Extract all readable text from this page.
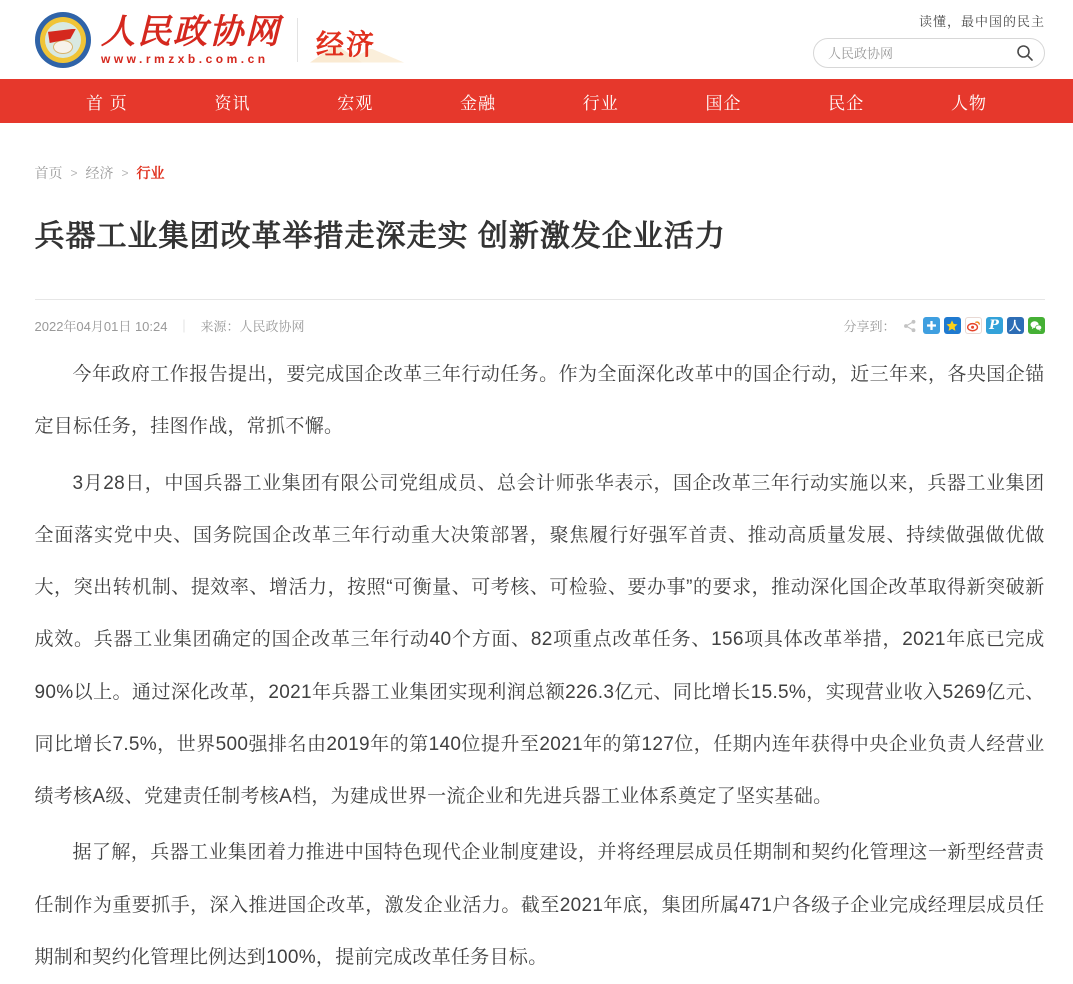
人民政协网
www.rmzxb.com.cn	经济
读懂，最中国的民主
人民政协网
首 页	资讯	宏观	金融	行业	国企	民企	人物
首页 > 经济 > 行业
兵器工业集团改革举措走深走实 创新激发企业活力
2022年04月01日 10:24 ｜ 来源：人民政协网	分享到：	P 人

今年政府工作报告提出，要完成国企改革三年行动任务。作为全面深化改革中的国企行动，近三年来，各央国企锚定目标任务，挂图作战，常抓不懈。

3月28日，中国兵器工业集团有限公司党组成员、总会计师张华表示，国企改革三年行动实施以来，兵器工业集团全面落实党中央、国务院国企改革三年行动重大决策部署，聚焦履行好强军首责、推动高质量发展、持续做强做优做大，突出转机制、提效率、增活力，按照“可衡量、可考核、可检验、要办事”的要求，推动深化国企改革取得新突破新成效。兵器工业集团确定的国企改革三年行动40个方面、82项重点改革任务、156项具体改革举措，2021年底已完成90%以上。通过深化改革，2021年兵器工业集团实现利润总额226.3亿元、同比增长15.5%，实现营业收入5269亿元、同比增长7.5%，世界500强排名由2019年的第140位提升至2021年的第127位，任期内连年获得中央企业负责人经营业绩考核A级、党建责任制考核A档，为建成世界一流企业和先进兵器工业体系奠定了坚实基础。

据了解，兵器工业集团着力推进中国特色现代企业制度建设，并将经理层成员任期制和契约化管理这一新型经营责任制作为重要抓手，深入推进国企改革，激发企业活力。截至2021年底，集团所属471户各级子企业完成经理层成员任期制和契约化管理比例达到100%，提前完成改革任务目标。
